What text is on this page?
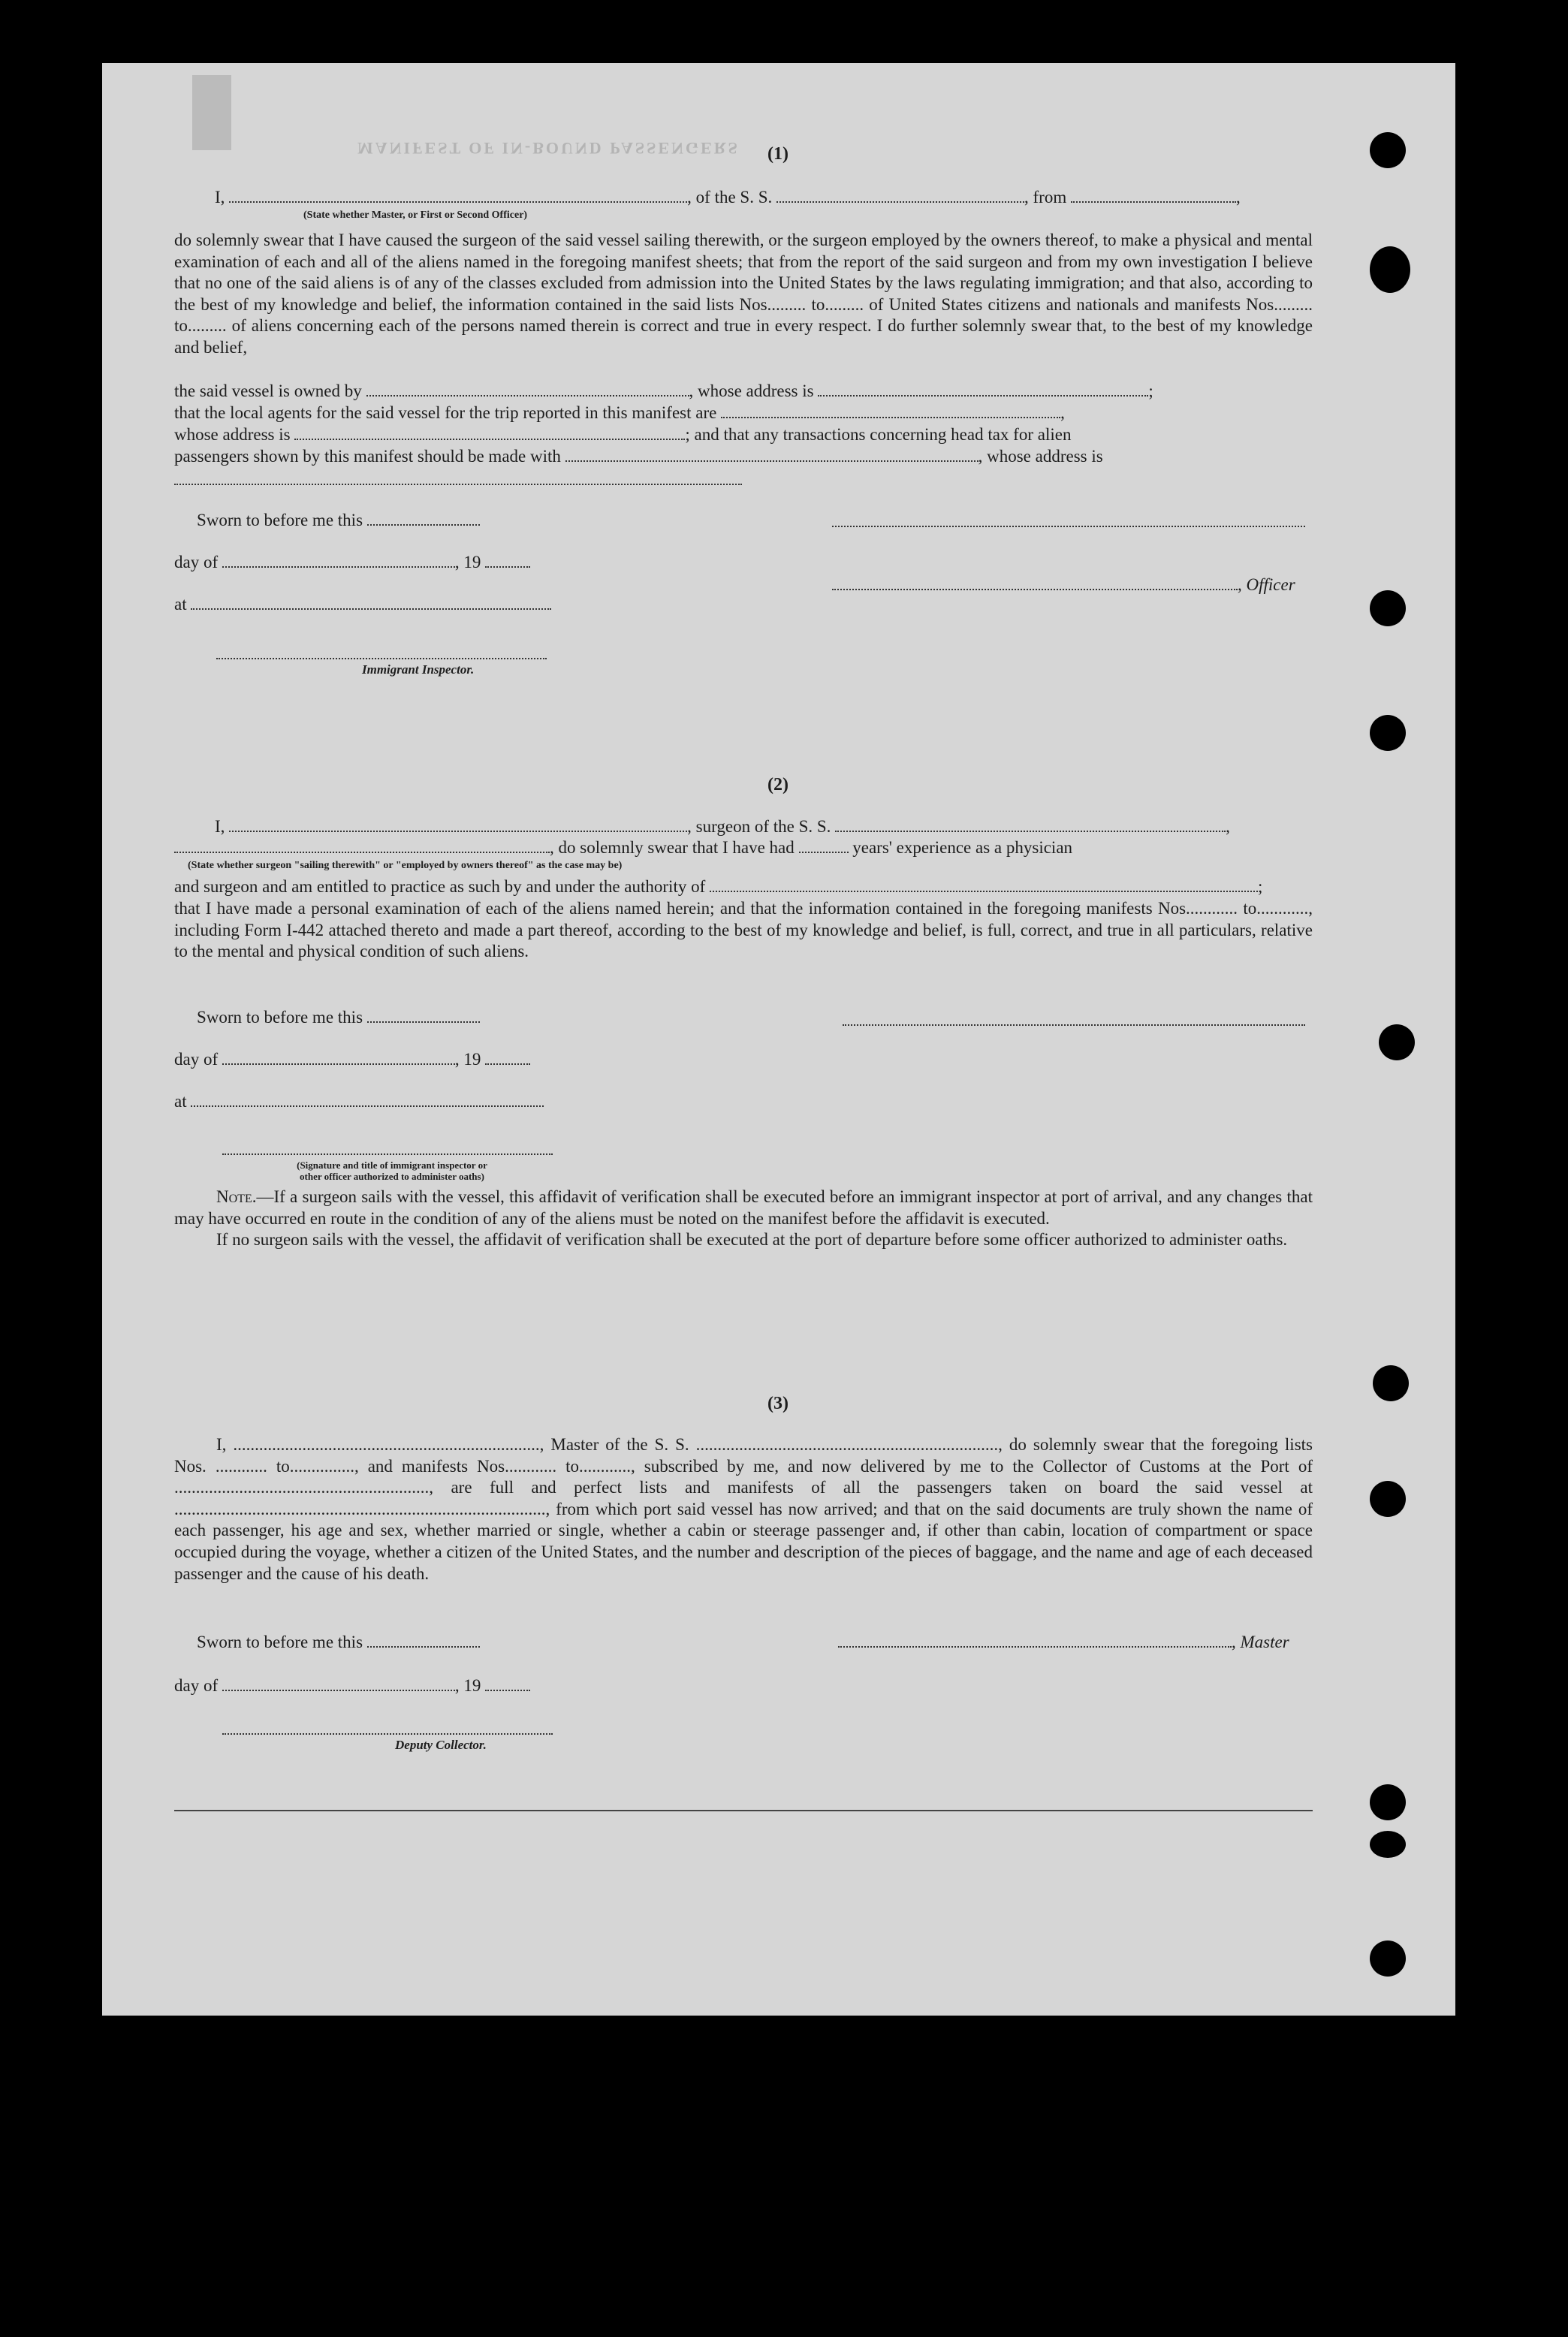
MANIFEST OF IN-BOUND PASSENGERS	(1)
I,	, of the S. S.	, from	,
(State whether Master, or First or Second Officer)

do solemnly swear that I have caused the surgeon of the said vessel sailing therewith, or the surgeon employed by the owners thereof, to make a physical and mental examination of each and all of the aliens named in the foregoing manifest sheets; that from the report of the said surgeon and from my own investigation I believe that no one of the said aliens is of any of the classes excluded from admission into the United States by the laws regulating immigration; and that also, according to the best of my knowledge and belief, the information contained in the said lists Nos......... to......... of United States citizens and nationals and manifests Nos......... to......... of aliens concerning each of the persons named therein is correct and true in every respect. I do further solemnly swear that, to the best of my knowledge and belief,

the said vessel is owned by	, whose address is	;
that the local agents for the said vessel for the trip reported in this manifest are	,
whose address is	; and that any transactions concerning head tax for alien
passengers shown by this manifest should be made with	, whose address is
Sworn to before me this
day of	, 19
, Officer
at
Immigrant Inspector.
(2)
I,	, surgeon of the S. S.	,
, do solemnly swear that I have had	years' experience as a physician
(State whether surgeon "sailing therewith" or "employed by owners thereof" as the case may be)
and surgeon and am entitled to practice as such by and under the authority of	;

that I have made a personal examination of each of the aliens named herein; and that the information contained in the foregoing manifests Nos............ to............, including Form I-442 attached thereto and made a part thereof, according to the best of my knowledge and belief, is full, correct, and true in all particulars, relative to the mental and physical condition of such aliens.

Sworn to before me this
day of	, 19
at
(Signature and title of immigrant inspector or
other officer authorized to administer oaths)

Note.—If a surgeon sails with the vessel, this affidavit of verification shall be executed before an immigrant inspector at port of arrival, and any changes that may have occurred en route in the condition of any of the aliens must be noted on the manifest before the affidavit is executed.

If no surgeon sails with the vessel, the affidavit of verification shall be executed at the port of departure before some officer authorized to administer oaths.

(3)

I, ......................................................................., Master of the S. S. ......................................................................, do solemnly swear that the foregoing lists Nos. ............ to..............., and manifests Nos............ to............, subscribed by me, and now delivered by me to the Collector of Customs at the Port of ..........................................................., are full and perfect lists and manifests of all the passengers taken on board the said vessel at ......................................................................................, from which port said vessel has now arrived; and that on the said documents are truly shown the name of each passenger, his age and sex, whether married or single, whether a cabin or steerage passenger and, if other than cabin, location of compartment or space occupied during the voyage, whether a citizen of the United States, and the number and description of the pieces of baggage, and the name and age of each deceased passenger and the cause of his death.

Sworn to before me this	, Master
day of	, 19
Deputy Collector.
